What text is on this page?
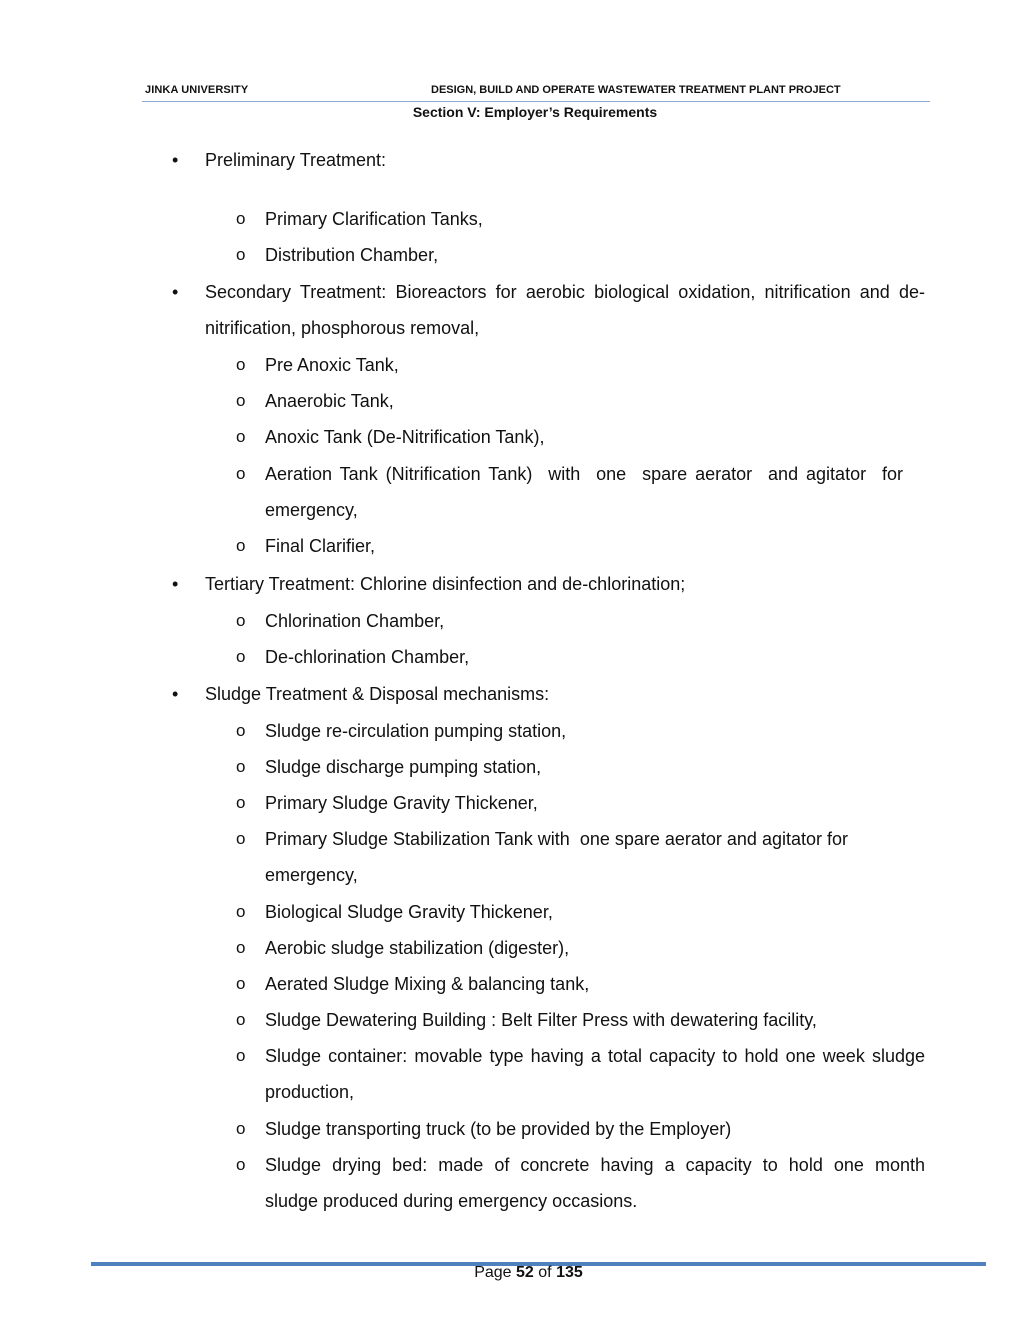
JINKA UNIVERSITY	DESIGN, BUILD AND OPERATE WASTEWATER TREATMENT PLANT PROJECT
Section V: Employer’s Requirements
• Preliminary Treatment:
o Primary Clarification Tanks,
o Distribution Chamber,
• Secondary Treatment: Bioreactors for aerobic biological oxidation, nitrification and de-
nitrification, phosphorous removal,
o Pre Anoxic Tank,
o Anaerobic Tank,
o Anoxic Tank (De-Nitrification Tank),
o Aeration Tank (Nitrification Tank)  with  one  spare aerator  and agitator  for
emergency,
o Final Clarifier,
• Tertiary Treatment: Chlorine disinfection and de-chlorination;
o Chlorination Chamber,
o De-chlorination Chamber,
• Sludge Treatment & Disposal mechanisms:
o Sludge re-circulation pumping station,
o Sludge discharge pumping station,
o Primary Sludge Gravity Thickener,
o Primary Sludge Stabilization Tank with  one spare aerator and agitator for
emergency,
o Biological Sludge Gravity Thickener,
o Aerobic sludge stabilization (digester),
o Aerated Sludge Mixing & balancing tank,
o Sludge Dewatering Building : Belt Filter Press with dewatering facility,
o Sludge container: movable type having a total capacity to hold one week sludge
production,
o Sludge transporting truck (to be provided by the Employer)
o Sludge drying bed: made of concrete having a capacity to hold one month
sludge produced during emergency occasions.
Page 52 of 135
